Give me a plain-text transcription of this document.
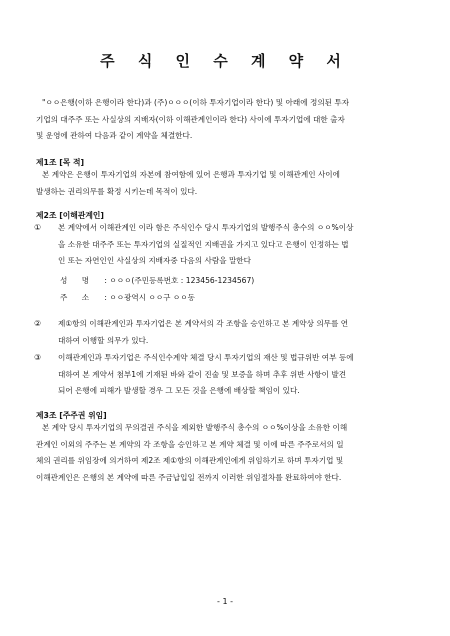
주 식 인 수 계 약 서
"ㅇㅇ은행(이하 은행이라 한다)과 (주)ㅇㅇㅇ(이하 투자기업이라 한다) 및 아래에 정의된 투자
기업의 대주주 또는 사실상의 지배자(이하 이해관계인이라 한다) 사이에 투자기업에 대한 출자
및 운영에 관하여 다음과 같이 계약을 체결한다.
제1조 [목 적]
본 계약은 은행이 투자기업의 자본에 참여함에 있어 은행과 투자기업 및 이해관계인 사이에
발생하는 권리의무를 확정 시키는데 목적이 있다.
제2조 [이해관계인]
① 본 계약에서 이해관계인 이라 함은 주식인수 당시 투자기업의 발행주식 총수의 ㅇㅇ%이상
을 소유한 대주주 또는 투자기업의 실질적인 지배권을 가지고 있다고 은행이 인정하는 법
인 또는 자연인인 사실상의 지배자중 다음의 사람을 말한다
성 명 : ㅇㅇㅇ(주민등록번호 : 123456-1234567)
주 소 : ㅇㅇ광역시 ㅇㅇ구 ㅇㅇ동
② 제①항의 이해관계인과 투자기업은 본 계약서의 각 조항을 승인하고 본 계약상 의무를 연
대하여 이행할 의무가 있다.
③ 이해관계인과 투자기업은 주식인수계약 체결 당시 투자기업의 재산 및 법규위반 여부 등에
대하여 본 계약서 첨부1에 기재된 바와 같이 진술 및 보증을 하며 추후 위반 사항이 발견
되어 은행에 피해가 발생할 경우 그 모든 것을 은행에 배상할 책임이 있다.
제3조 [주주권 위임]
본 계약 당시 투자기업의 무의결권 주식을 제외한 발행주식 총수의 ㅇㅇ%이상을 소유한 이해
관계인 이외의 주주는 본 계약의 각 조항을 승인하고 본 계약 체결 및 이에 따른 주주로서의 일
체의 권리를 위임장에 의거하여 제2조 제①항의 이해관계인에게 위임하기로 하며 투자기업 및
이해관계인은 은행의 본 계약에 따른 주금납입일 전까지 이러한 위임절차를 완료하여야 한다.
- 1 -
